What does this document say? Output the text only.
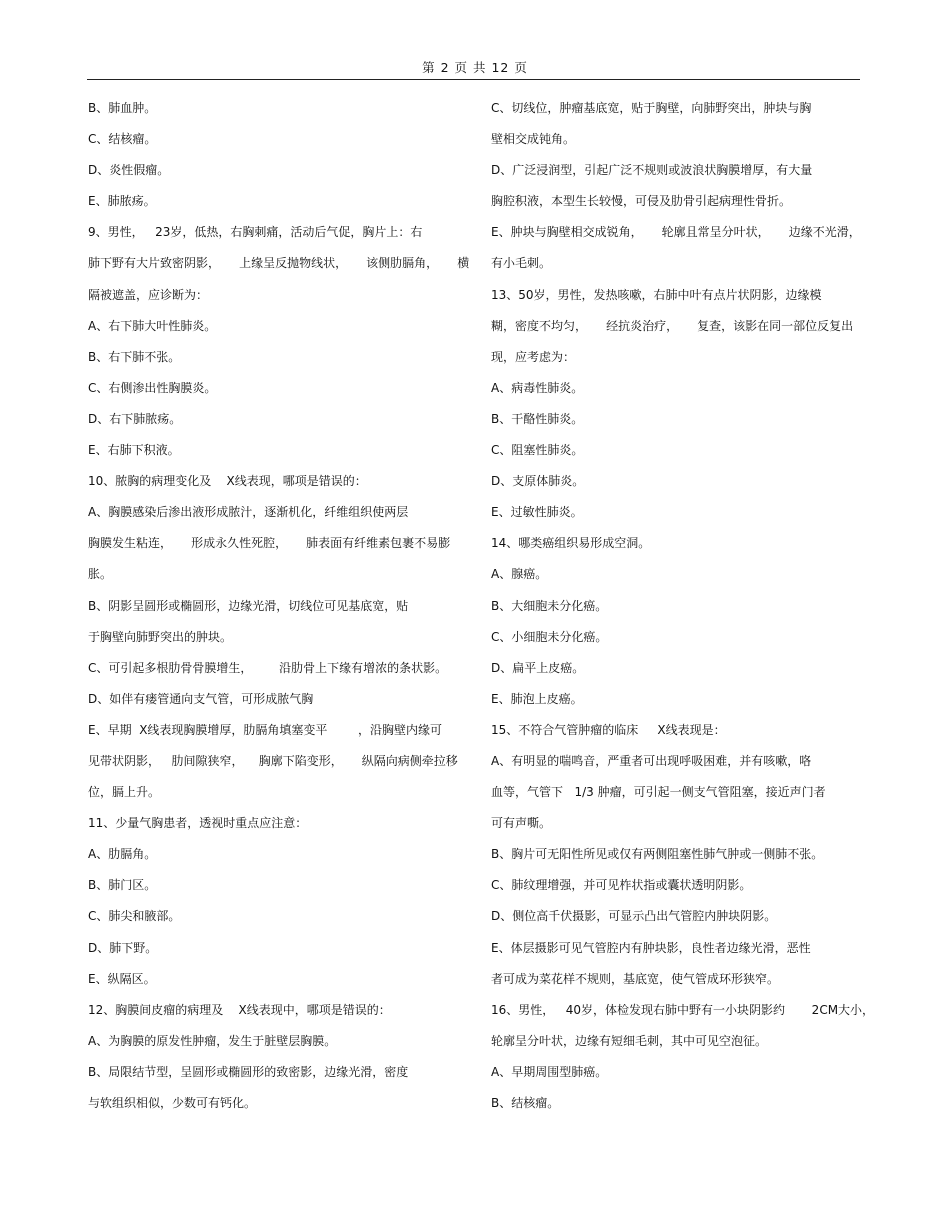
第 2 页 共 12 页
B、肺血肿。
C、结核瘤。
D、炎性假瘤。
E、肺脓疡。
9、男性，   23岁，低热，右胸刺痛，活动后气促，胸片上：右
肺下野有大片致密阴影，     上缘呈反抛物线状，     该侧肋膈角，     横
隔被遮盖，应诊断为：
A、右下肺大叶性肺炎。
B、右下肺不张。
C、右侧渗出性胸膜炎。
D、右下肺脓疡。
E、右肺下积液。
10、脓胸的病理变化及    X线表现，哪项是错误的：
A、胸膜感染后渗出液形成脓汁，逐渐机化，纤维组织使两层
胸膜发生粘连，     形成永久性死腔，     肺表面有纤维素包裹不易膨
胀。
B、阴影呈圆形或椭圆形，边缘光滑，切线位可见基底宽，贴
于胸壁向肺野突出的肿块。
C、可引起多根肋骨骨膜增生，       沿肋骨上下缘有增浓的条状影。
D、如伴有瘘管通向支气管，可形成脓气胸
E、早期  X线表现胸膜增厚，肋膈角填塞变平        ，沿胸壁内缘可
见带状阴影，   肋间隙狭窄，    胸廓下陷变形，     纵隔向病侧牵拉移
位，膈上升。
11、少量气胸患者，透视时重点应注意：
A、肋膈角。
B、肺门区。
C、肺尖和腋部。
D、肺下野。
E、纵隔区。
12、胸膜间皮瘤的病理及    X线表现中，哪项是错误的：
A、为胸膜的原发性肿瘤，发生于脏壁层胸膜。
B、局限结节型，呈圆形或椭圆形的致密影，边缘光滑，密度
与软组织相似，少数可有钙化。
C、切线位，肿瘤基底宽，贴于胸壁，向肺野突出，肿块与胸
壁相交成钝角。
D、广泛浸润型，引起广泛不规则或波浪状胸膜增厚，有大量
胸腔积液，本型生长较慢，可侵及肋骨引起病理性骨折。
E、肿块与胸壁相交成锐角，     轮廓且常呈分叶状，     边缘不光滑，
有小毛刺。
13、50岁，男性，发热咳嗽，右肺中叶有点片状阴影，边缘模
糊，密度不均匀，     经抗炎治疗，     复查，该影在同一部位反复出
现，应考虑为：
A、病毒性肺炎。
B、干酪性肺炎。
C、阻塞性肺炎。
D、支原体肺炎。
E、过敏性肺炎。
14、哪类癌组织易形成空洞。
A、腺癌。
B、大细胞未分化癌。
C、小细胞未分化癌。
D、扁平上皮癌。
E、肺泡上皮癌。
15、不符合气管肿瘤的临床     X线表现是：
A、有明显的喘鸣音，严重者可出现呼吸困难，并有咳嗽，咯
血等，气管下   1/3 肿瘤，可引起一侧支气管阻塞，接近声门者
可有声嘶。
B、胸片可无阳性所见或仅有两侧阻塞性肺气肿或一侧肺不张。
C、肺纹理增强，并可见柞状指或囊状透明阴影。
D、侧位高千伏摄影，可显示凸出气管腔内肿块阴影。
E、体层摄影可见气管腔内有肿块影，良性者边缘光滑，恶性
者可成为菜花样不规则，基底宽，使气管成环形狭窄。
16、男性，   40岁，体检发现右肺中野有一小块阴影约       2CM大小，
轮廓呈分叶状，边缘有短细毛刺，其中可见空泡征。
A、早期周围型肺癌。
B、结核瘤。
